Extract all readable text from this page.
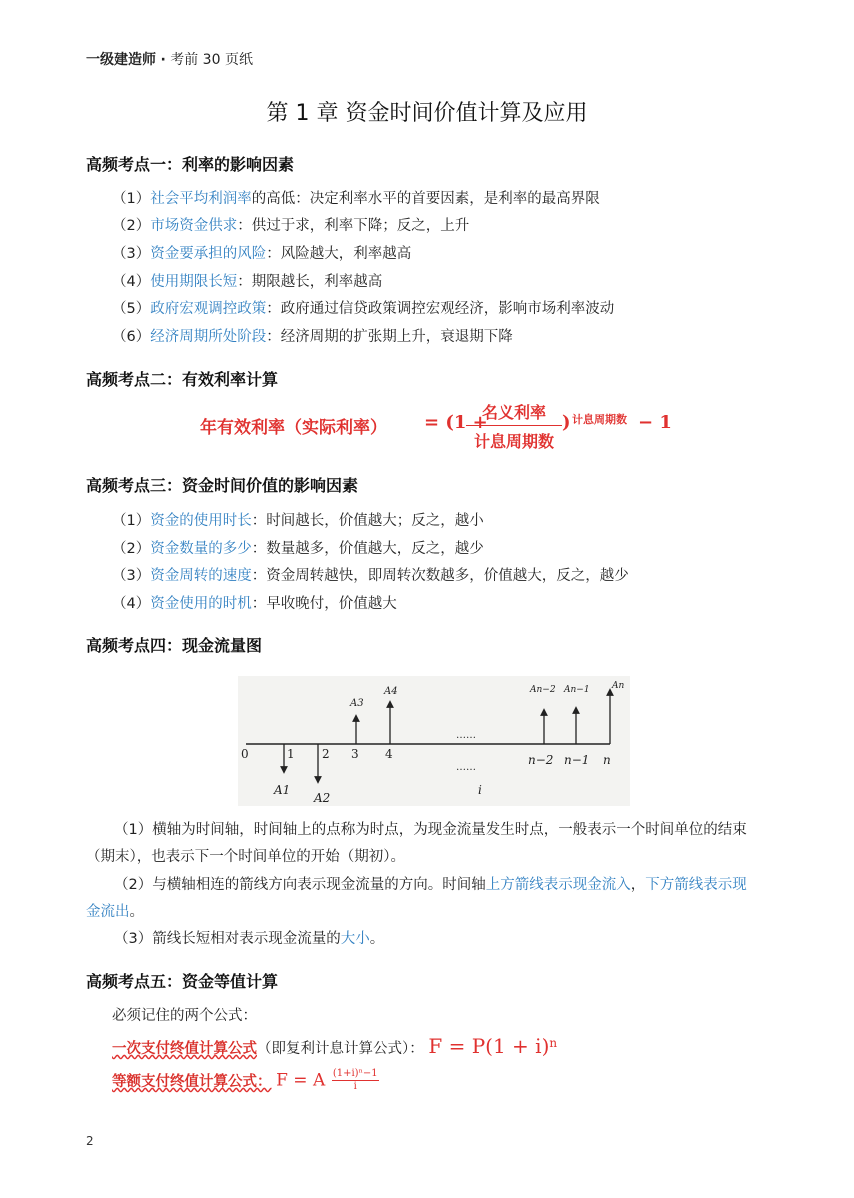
一级建造师 · 考前 30 页纸
第 1 章 资金时间价值计算及应用
高频考点一：利率的影响因素
（1）社会平均利润率的高低：决定利率水平的首要因素，是利率的最高界限
（2）市场资金供求：供过于求，利率下降；反之，上升
（3）资金要承担的风险：风险越大，利率越高
（4）使用期限长短：期限越长，利率越高
（5）政府宏观调控政策：政府通过信贷政策调控宏观经济，影响市场利率波动
（6）经济周期所处阶段：经济周期的扩张期上升，衰退期下降
高频考点二：有效利率计算
年有效利率（实际利率） = (1 +
名义利率
计息周期数
) 计息周期数 − 1
高频考点三：资金时间价值的影响因素
（1）资金的使用时长：时间越长，价值越大；反之，越小
（2）资金数量的多少：数量越多，价值越大，反之，越少
（3）资金周转的速度：资金周转越快，即周转次数越多，价值越大，反之，越少
（4）资金使用的时机：早收晚付，价值越大
高频考点四：现金流量图
0	1 2 3 4	n−2 n−1 n
A1
A2
A3
A4	An−2 An−1 An
……
……
i
（1）横轴为时间轴，时间轴上的点称为时点，为现金流量发生时点，一般表示一个时间单位的结束（期末），也表示下一个时间单位的开始（期初）。
（2）与横轴相连的箭线方向表示现金流量的方向。时间轴上方箭线表示现金流入，下方箭线表示现金流出。
（3）箭线长短相对表示现金流量的大小。
高频考点五：资金等值计算
必须记住的两个公式：
一次支付终值计算公式（即复利计息计算公式）： $F = P(1 + i)^n$
等额支付终值计算公式： F = A $\frac{\text{(1+i)ⁿ−1}}{i}$
2
